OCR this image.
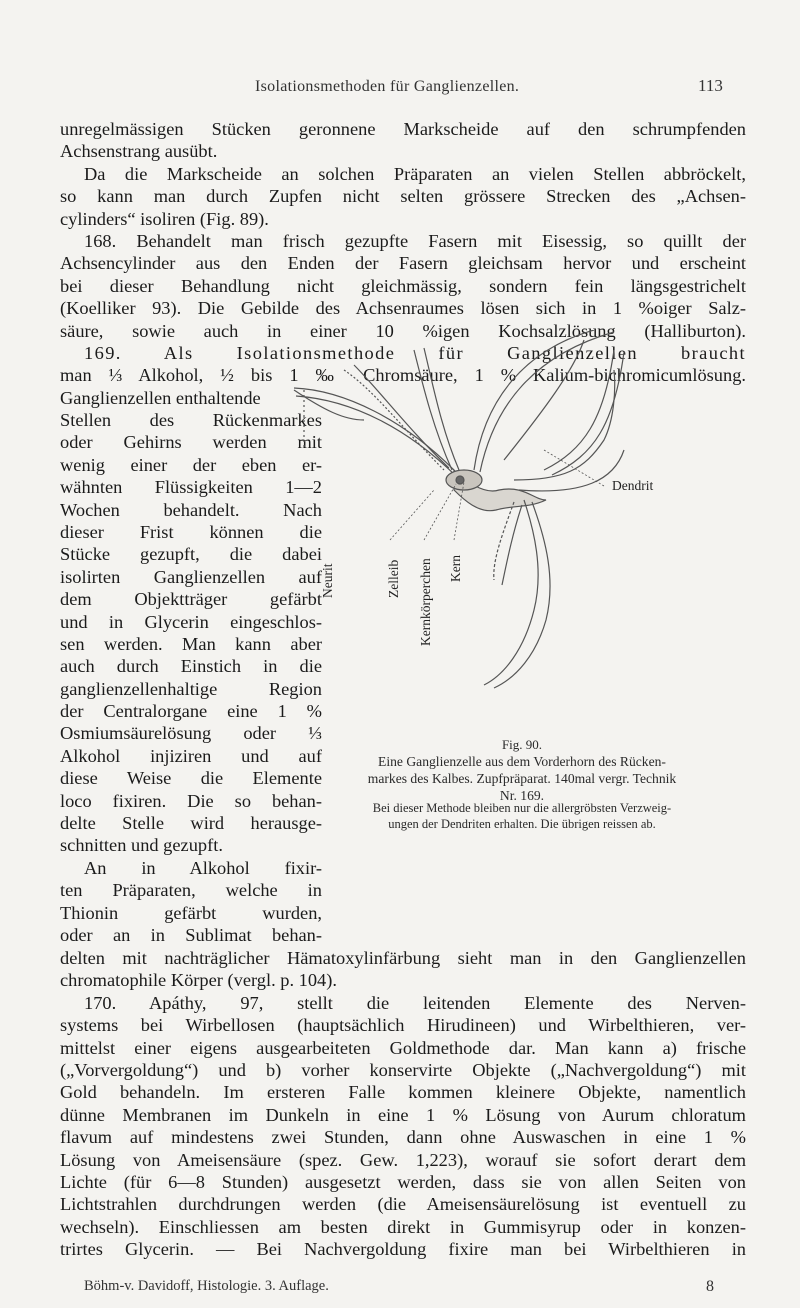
Isolationsmethoden für Ganglienzellen.	113
unregelmässigen Stücken geronnene Markscheide auf den schrumpfenden
Achsenstrang ausübt.
Da die Markscheide an solchen Präparaten an vielen Stellen abbröckelt,
so kann man durch Zupfen nicht selten grössere Strecken des „Achsen-
cylinders“ isoliren (Fig. 89).
168. Behandelt man frisch gezupfte Fasern mit Eisessig, so quillt der
Achsencylinder aus den Enden der Fasern gleichsam hervor und erscheint
bei dieser Behandlung nicht gleichmässig, sondern fein längsgestrichelt
(Koelliker 93). Die Gebilde des Achsenraumes lösen sich in 1 %oiger Salz-
säure, sowie auch in einer 10 %igen Kochsalzlösung (Halliburton).
169. Als Isolationsmethode für Ganglienzellen braucht
man ⅓ Alkohol, ½ bis 1 ‰ Chromsäure, 1 % Kalium-bichromicumlösung.
Ganglienzellen enthaltende
Stellen des Rückenmarkes
oder Gehirns werden mit
wenig einer der eben er-
wähnten Flüssigkeiten 1—2
Wochen behandelt. Nach
dieser Frist können die
Stücke gezupft, die dabei
isolirten Ganglienzellen auf
dem Objektträger gefärbt
und in Glycerin eingeschlos-
sen werden. Man kann aber
auch durch Einstich in die
ganglienzellenhaltige Region
der Centralorgane eine 1 %
Osmiumsäurelösung oder ⅓
Alkohol injiziren und auf
diese Weise die Elemente
loco fixiren. Die so behan-
delte Stelle wird herausge-
schnitten und gezupft.
An in Alkohol fixir-
ten Präparaten, welche in
Thionin gefärbt wurden,
oder an in Sublimat behan-
Neurit	Zelleib Kernkörperchen Kern
Dendrit
Fig. 90.
Eine Ganglienzelle aus dem Vorderhorn des Rücken-
markes des Kalbes. Zupfpräparat. 140mal vergr. Technik
Nr. 169.
Bei dieser Methode bleiben nur die allergröbsten Verzweig-
ungen der Dendriten erhalten. Die übrigen reissen ab.
delten mit nachträglicher Hämatoxylinfärbung sieht man in den Ganglienzellen
chromatophile Körper (vergl. p. 104).
170. Apáthy, 97, stellt die leitenden Elemente des Nerven-
systems bei Wirbellosen (hauptsächlich Hirudineen) und Wirbelthieren, ver-
mittelst einer eigens ausgearbeiteten Goldmethode dar. Man kann a) frische
(„Vorvergoldung“) und b) vorher konservirte Objekte („Nachvergoldung“) mit
Gold behandeln. Im ersteren Falle kommen kleinere Objekte, namentlich
dünne Membranen im Dunkeln in eine 1 % Lösung von Aurum chloratum
flavum auf mindestens zwei Stunden, dann ohne Auswaschen in eine 1 %
Lösung von Ameisensäure (spez. Gew. 1,223), worauf sie sofort derart dem
Lichte (für 6—8 Stunden) ausgesetzt werden, dass sie von allen Seiten von
Lichtstrahlen durchdrungen werden (die Ameisensäurelösung ist eventuell zu
wechseln). Einschliessen am besten direkt in Gummisyrup oder in konzen-
trirtes Glycerin. — Bei Nachvergoldung fixire man bei Wirbelthieren in
Böhm-v. Davidoff, Histologie. 3. Auflage.	8
